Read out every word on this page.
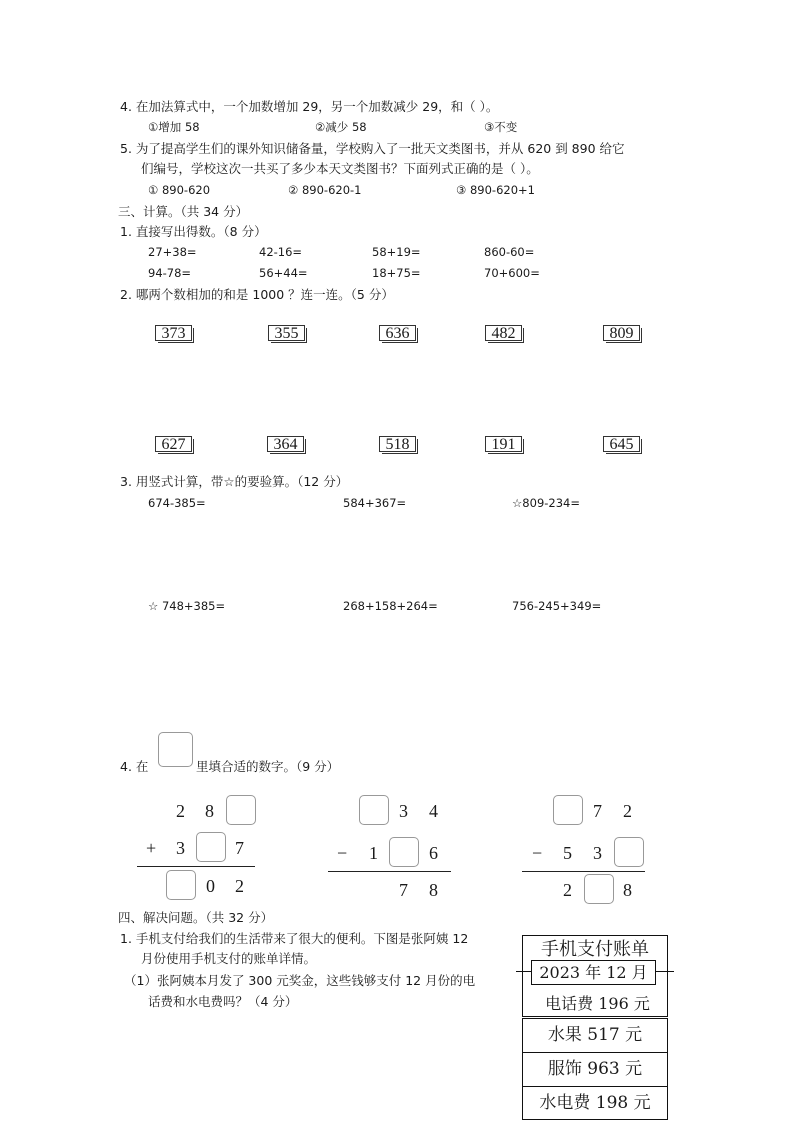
4. 在加法算式中，一个加数增加 29，另一个加数减少 29，和（ ）。
①增加 58	②减少 58	③不变
5. 为了提高学生们的课外知识储备量，学校购入了一批天文类图书，并从 620 到 890 给它
们编号，学校这次一共买了多少本天文类图书？下面列式正确的是（ ）。
① 890-620	② 890-620-1	③ 890-620+1
三、计算。（共 34 分）
1. 直接写出得数。（8 分）
27+38=	42-16=	58+19=	860-60=
94-78=	56+44=	18+75=	70+600=
2. 哪两个数相加的和是 1000 ？连一连。（5 分）
373	355	636	482	809
627	364	518	191	645
3. 用竖式计算，带☆的要验算。（12 分）
674-385=	584+367=	☆809-234=
☆ 748+385=	268+158+264=	756-245+349=
4. 在	里填合适的数字。（9 分）
2 8
+ 3	7
0 2
3 4
− 1	6
7 8
7 2
− 5 3
2	8
四、解决问题。（共 32 分）
1. 手机支付给我们的生活带来了很大的便利。下图是张阿姨 12
月份使用手机支付的账单详情。
（1）张阿姨本月发了 300 元奖金，这些钱够支付 12 月份的电
话费和水电费吗？（4 分）
手机支付账单
2023 年 12 月
电话费 196 元
水果 517 元
服饰 963 元
水电费 198 元
